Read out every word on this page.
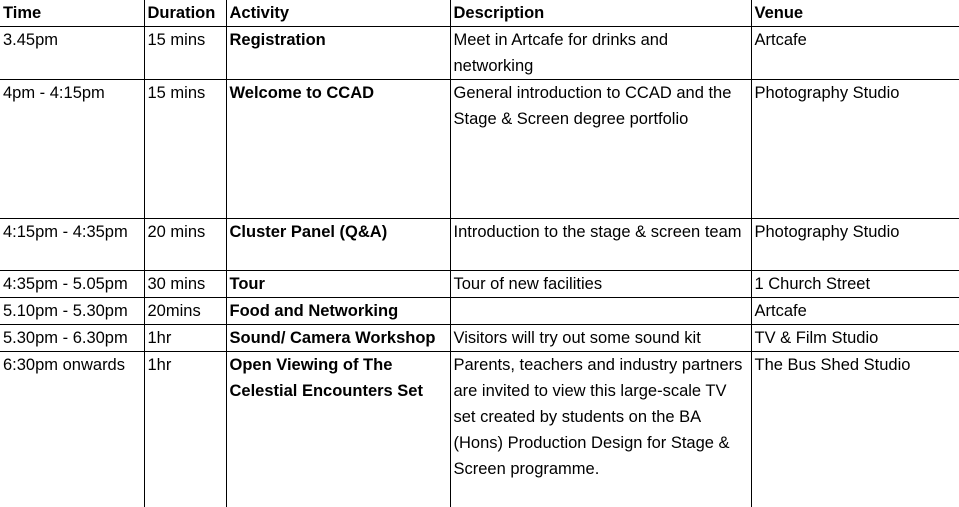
Time	Duration	Activity	Description	Venue
3.45pm	15 mins	Registration	Meet in Artcafe for drinks and networking	Artcafe
4pm - 4:15pm	15 mins	Welcome to CCAD	General introduction to CCAD and the Stage & Screen degree portfolio	Photography Studio
4:15pm - 4:35pm	20 mins	Cluster Panel (Q&A)	Introduction to the stage & screen team	Photography Studio
4:35pm - 5.05pm	30 mins	Tour	Tour of new facilities	1 Church Street
5.10pm - 5.30pm	20mins	Food and Networking		Artcafe
5.30pm - 6.30pm	1hr	Sound/ Camera Workshop	Visitors will try out some sound kit	TV & Film Studio
6:30pm onwards	1hr	Open Viewing of The Celestial Encounters Set	Parents, teachers and industry partners are invited to view this large-scale TV set created by students on the BA (Hons) Production Design for Stage & Screen programme.	The Bus Shed Studio
